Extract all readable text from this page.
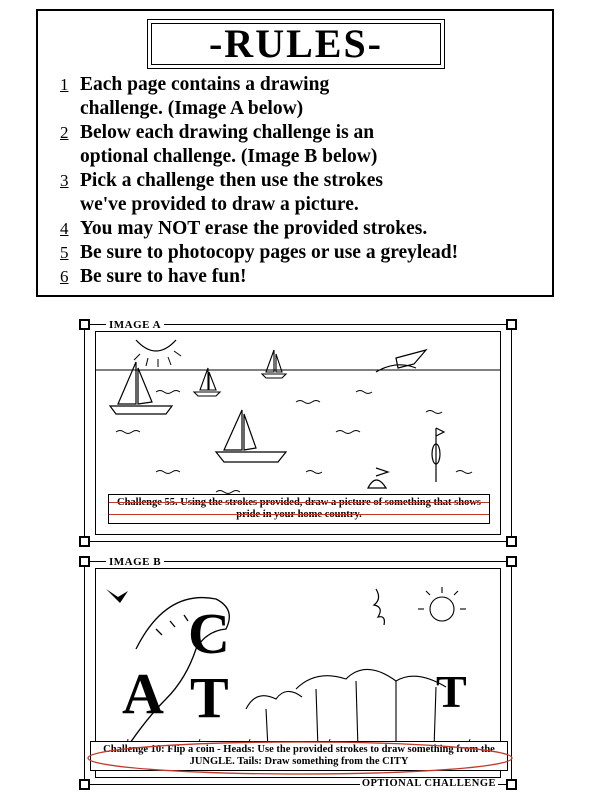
-RULES-
1 Each page contains a drawing
challenge. (Image A below)
2 Below each drawing challenge is an
optional challenge. (Image B below)
3 Pick a challenge then use the strokes
we've provided to draw a picture.
4 You may NOT erase the provided strokes.
5 Be sure to photocopy pages or use a greylead!
6 Be sure to have fun!
IMAGE A
C
A T	T
Challenge 10: Flip a coin - Heads: Use the provided strokes to draw something from the JUNGLE. Tails: Draw something from the CITY
IMAGE B
OPTIONAL CHALLENGE
